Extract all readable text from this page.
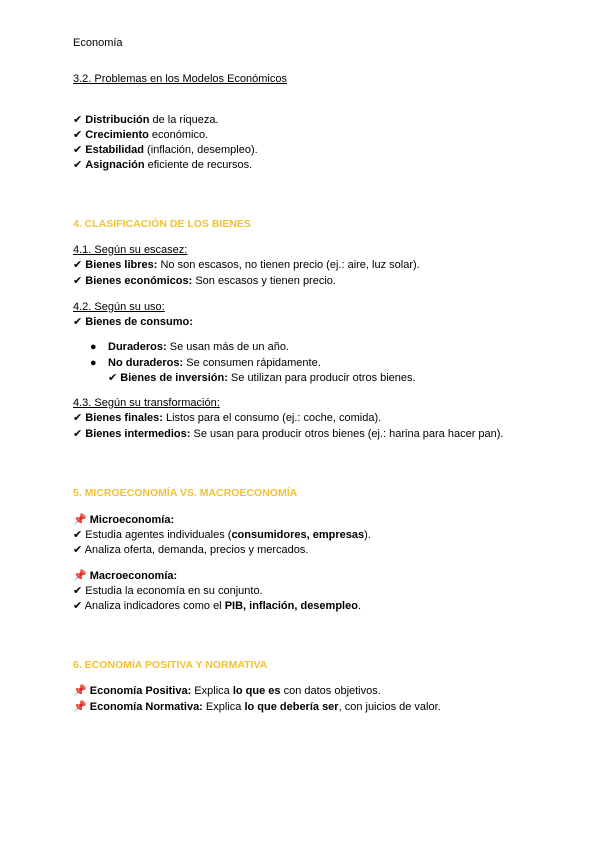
Economía
3.2. Problemas en los Modelos Económicos
✔ Distribución de la riqueza.
✔ Crecimiento económico.
✔ Estabilidad (inflación, desempleo).
✔ Asignación eficiente de recursos.
4. CLASIFICACIÓN DE LOS BIENES
4.1. Según su escasez:
✔ Bienes libres: No son escasos, no tienen precio (ej.: aire, luz solar).
✔ Bienes económicos: Son escasos y tienen precio.
4.2. Según su uso:
✔ Bienes de consumo:
● Duraderos: Se usan más de un año.
● No duraderos: Se consumen rápidamente.
✔ Bienes de inversión: Se utilizan para producir otros bienes.
4.3. Según su transformación:
✔ Bienes finales: Listos para el consumo (ej.: coche, comida).
✔ Bienes intermedios: Se usan para producir otros bienes (ej.: harina para hacer pan).
5. MICROECONOMÍA VS. MACROECONOMÍA
📌 Microeconomía:
✔ Estudia agentes individuales (consumidores, empresas).
✔ Analiza oferta, demanda, precios y mercados.
📌 Macroeconomía:
✔ Estudia la economía en su conjunto.
✔ Analiza indicadores como el PIB, inflación, desempleo.
6. ECONOMÍA POSITIVA Y NORMATIVA
📌 Economía Positiva: Explica lo que es con datos objetivos.
📌 Economía Normativa: Explica lo que debería ser, con juicios de valor.
